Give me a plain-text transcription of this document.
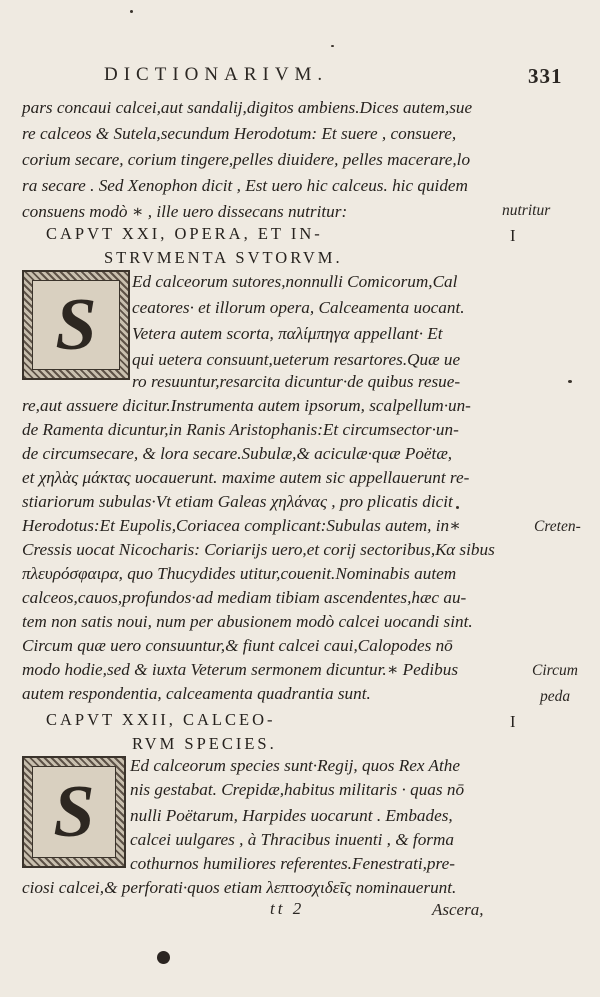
DICTIONARIVM.	331
pars concaui calcei,aut sandalij,digitos ambiens.Dices autem,sue
re calceos & Sutela,secundum Herodotum: Et suere , consuere,
corium secare, corium tingere,pelles diuidere, pelles macerare,lo
ra secare . Sed Xenophon dicit , Est uero hic calceus. hic quidem
consuens modò ∗ , ille uero dissecans nutritur:	nutritur
CAPVT XXI, OPERA, ET IN-	I
STRVMENTA SVTORVM.
S
Ed calceorum sutores,nonnulli Comicorum,Cal
ceatores· et illorum opera, Calceamenta uocant.
Vetera autem scorta, παλίμπηγα appellant· Et
qui uetera consuunt,ueterum resartores.Quæ ue
ro resuuntur,resarcita dicuntur·de quibus resue-
re,aut assuere dicitur.Instrumenta autem ipsorum, scalpellum·un-
de Ramenta dicuntur,in Ranis Aristophanis:Et circumsector·un-
de circumsecare, & lora secare.Subulæ,& aciculæ·quæ Poëtæ,
et χηλὰς μάκτας uocauerunt. maxime autem sic appellauerunt re-
stiariorum subulas·Vt etiam Galeas χηλάνας , pro plicatis dicit
Herodotus:Et Eupolis,Coriacea complicant:Subulas autem, in∗	Creten-
Cressis uocat Nicocharis: Coriarijs uero,et corij sectoribus,Κα sibus
πλευρόσφαιρα, quo Thucydides utitur,couenit.Nominabis autem
calceos,cauos,profundos·ad mediam tibiam ascendentes,hæc au-
tem non satis noui, num per abusionem modò calcei uocandi sint.
Circum quæ uero consuuntur,& fiunt calcei caui,Calopodes nō
modo hodie,sed & iuxta Veterum sermonem dicuntur.∗ Pedibus	Circum
autem respondentia, calceamenta quadrantia sunt.	peda
CAPVT XXII, CALCEO-	I
RVM SPECIES.
S
Ed calceorum species sunt·Regij, quos Rex Athe
nis gestabat. Crepidæ,habitus militaris · quas nō
nulli Poëtarum, Harpides uocarunt . Embades,
calcei uulgares , à Thracibus inuenti , & forma
cothurnos humiliores referentes.Fenestrati,pre-
ciosi calcei,& perforati·quos etiam λεπτοσχιδεῖς nominauerunt.
tt 2	Ascera,
